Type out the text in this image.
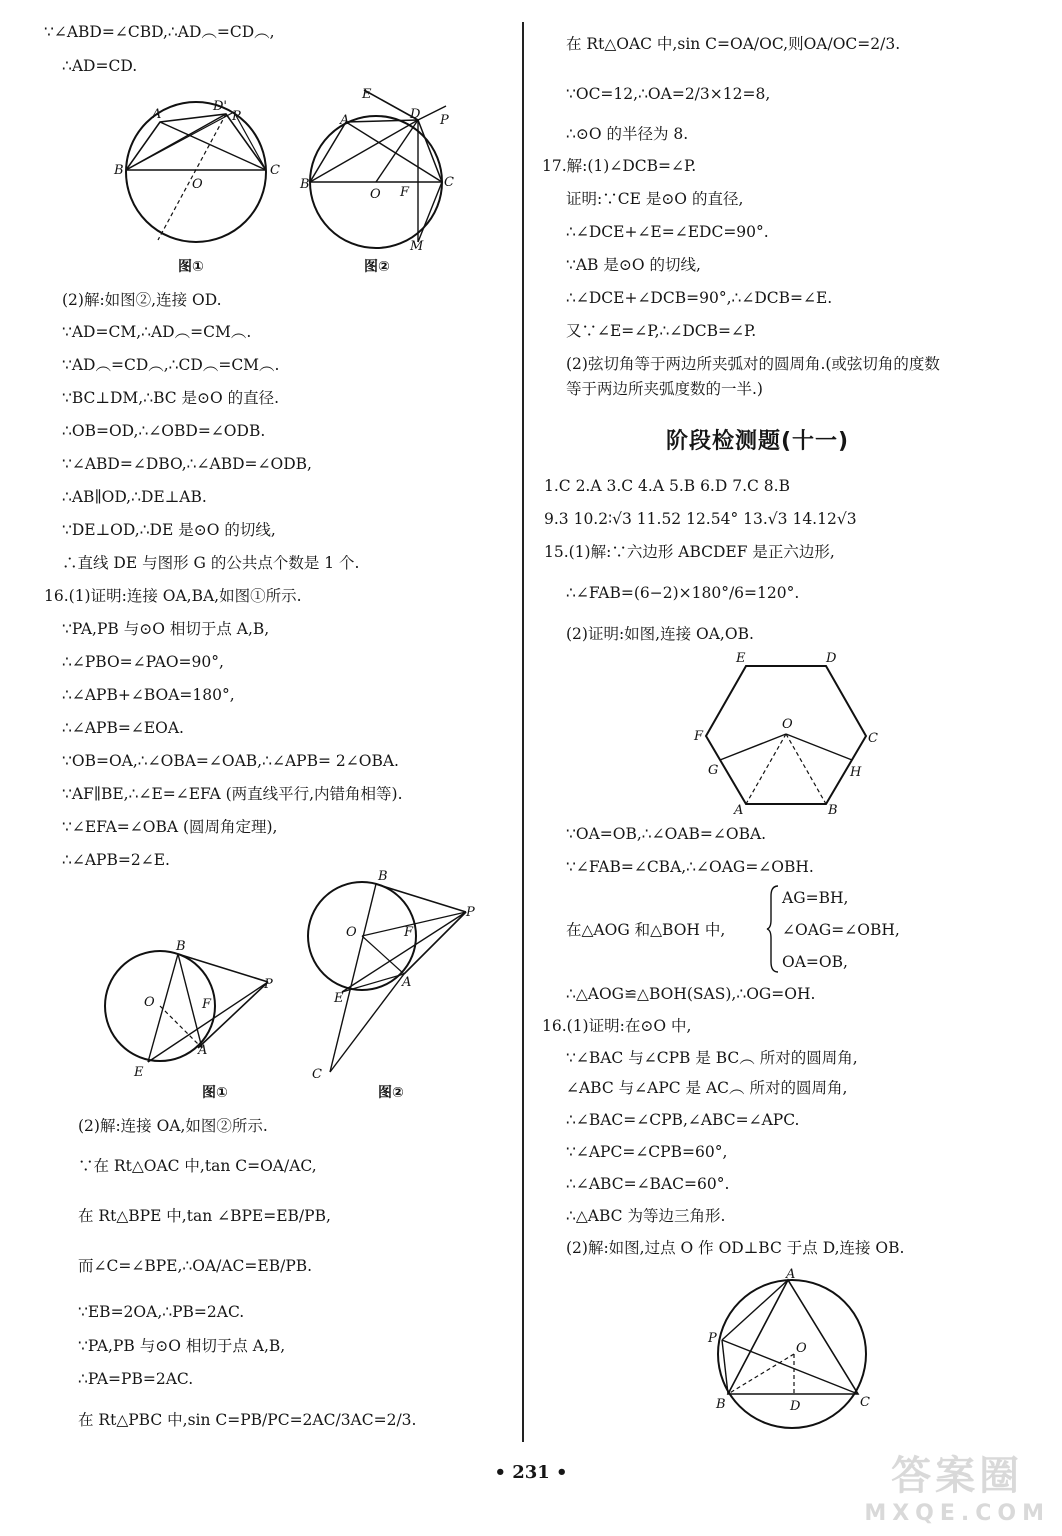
∵∠ABD=∠CBD,∴AD︵=CD︵,
∴AD=CD.
A
D'
P
B	C
O
E
A	D P
B
O F
C
M
图①	图②
(2)解:如图②,连接 OD.
∵AD=CM,∴AD︵=CM︵.
∵AD︵=CD︵,∴CD︵=CM︵.
∵BC⊥DM,∴BC 是⊙O 的直径.
∴OB=OD,∴∠OBD=∠ODB.
∵∠ABD=∠DBO,∴∠ABD=∠ODB,
∴AB∥OD,∴DE⊥AB.
∵DE⊥OD,∴DE 是⊙O 的切线,
∴直线 DE 与图形 G 的公共点个数是 1 个.
16.(1)证明:连接 OA,BA,如图①所示.
∵PA,PB 与⊙O 相切于点 A,B,
∴∠PBO=∠PAO=90°,
∴∠APB+∠BOA=180°,
∴∠APB=∠EOA.
∵OB=OA,∴∠OBA=∠OAB,∴∠APB= 2∠OBA.
∵AF∥BE,∴∠E=∠EFA (两直线平行,内错角相等).
∵∠EFA=∠OBA (圆周角定理),
∴∠APB=2∠E.
B
O	F
P
E
A
B
P
O	F
E
A
C
图①	图②
(2)解:连接 OA,如图②所示.
∵在 Rt△OAC 中,tan C=OA/AC,
在 Rt△BPE 中,tan ∠BPE=EB/PB,
而∠C=∠BPE,∴OA/AC=EB/PB.
∵EB=2OA,∴PB=2AC.
∵PA,PB 与⊙O 相切于点 A,B,
∴PA=PB=2AC.
在 Rt△PBC 中,sin C=PB/PC=2AC/3AC=2/3.
在 Rt△OAC 中,sin C=OA/OC,则OA/OC=2/3.
∵OC=12,∴OA=2/3×12=8,
∴⊙O 的半径为 8.
17.解:(1)∠DCB=∠P.
证明:∵CE 是⊙O 的直径,
∴∠DCE+∠E=∠EDC=90°.
∵AB 是⊙O 的切线,
∴∠DCE+∠DCB=90°,∴∠DCB=∠E.
又∵∠E=∠P,∴∠DCB=∠P.
(2)弦切角等于两边所夹弧对的圆周角.(或弦切角的度数
等于两边所夹弧度数的一半.)
阶段检测题(十一)
1.C 2.A 3.C 4.A 5.B 6.D 7.C 8.B
9.3 10.2∶√3 11.52 12.54° 13.√3 14.12√3
15.(1)解:∵六边形 ABCDEF 是正六边形,
∴∠FAB=(6−2)×180°/6=120°.
(2)证明:如图,连接 OA,OB.
E	D
O
F	C
G	H
A	B
∵OA=OB,∴∠OAB=∠OBA.
∵∠FAB=∠CBA,∴∠OAG=∠OBH.
在△AOG 和△BOH 中,
AG=BH,
∠OAG=∠OBH,
OA=OB,
∴△AOG≌△BOH(SAS),∴OG=OH.
16.(1)证明:在⊙O 中,
∵∠BAC 与∠CPB 是 BC︵ 所对的圆周角,
∠ABC 与∠APC 是 AC︵ 所对的圆周角,
∴∠BAC=∠CPB,∠ABC=∠APC.
∵∠APC=∠CPB=60°,
∴∠ABC=∠BAC=60°.
∴△ABC 为等边三角形.
(2)解:如图,过点 O 作 OD⊥BC 于点 D,连接 OB.
A
P
O
B	D	C
• 231 •	答案圈
MXQE.COM
